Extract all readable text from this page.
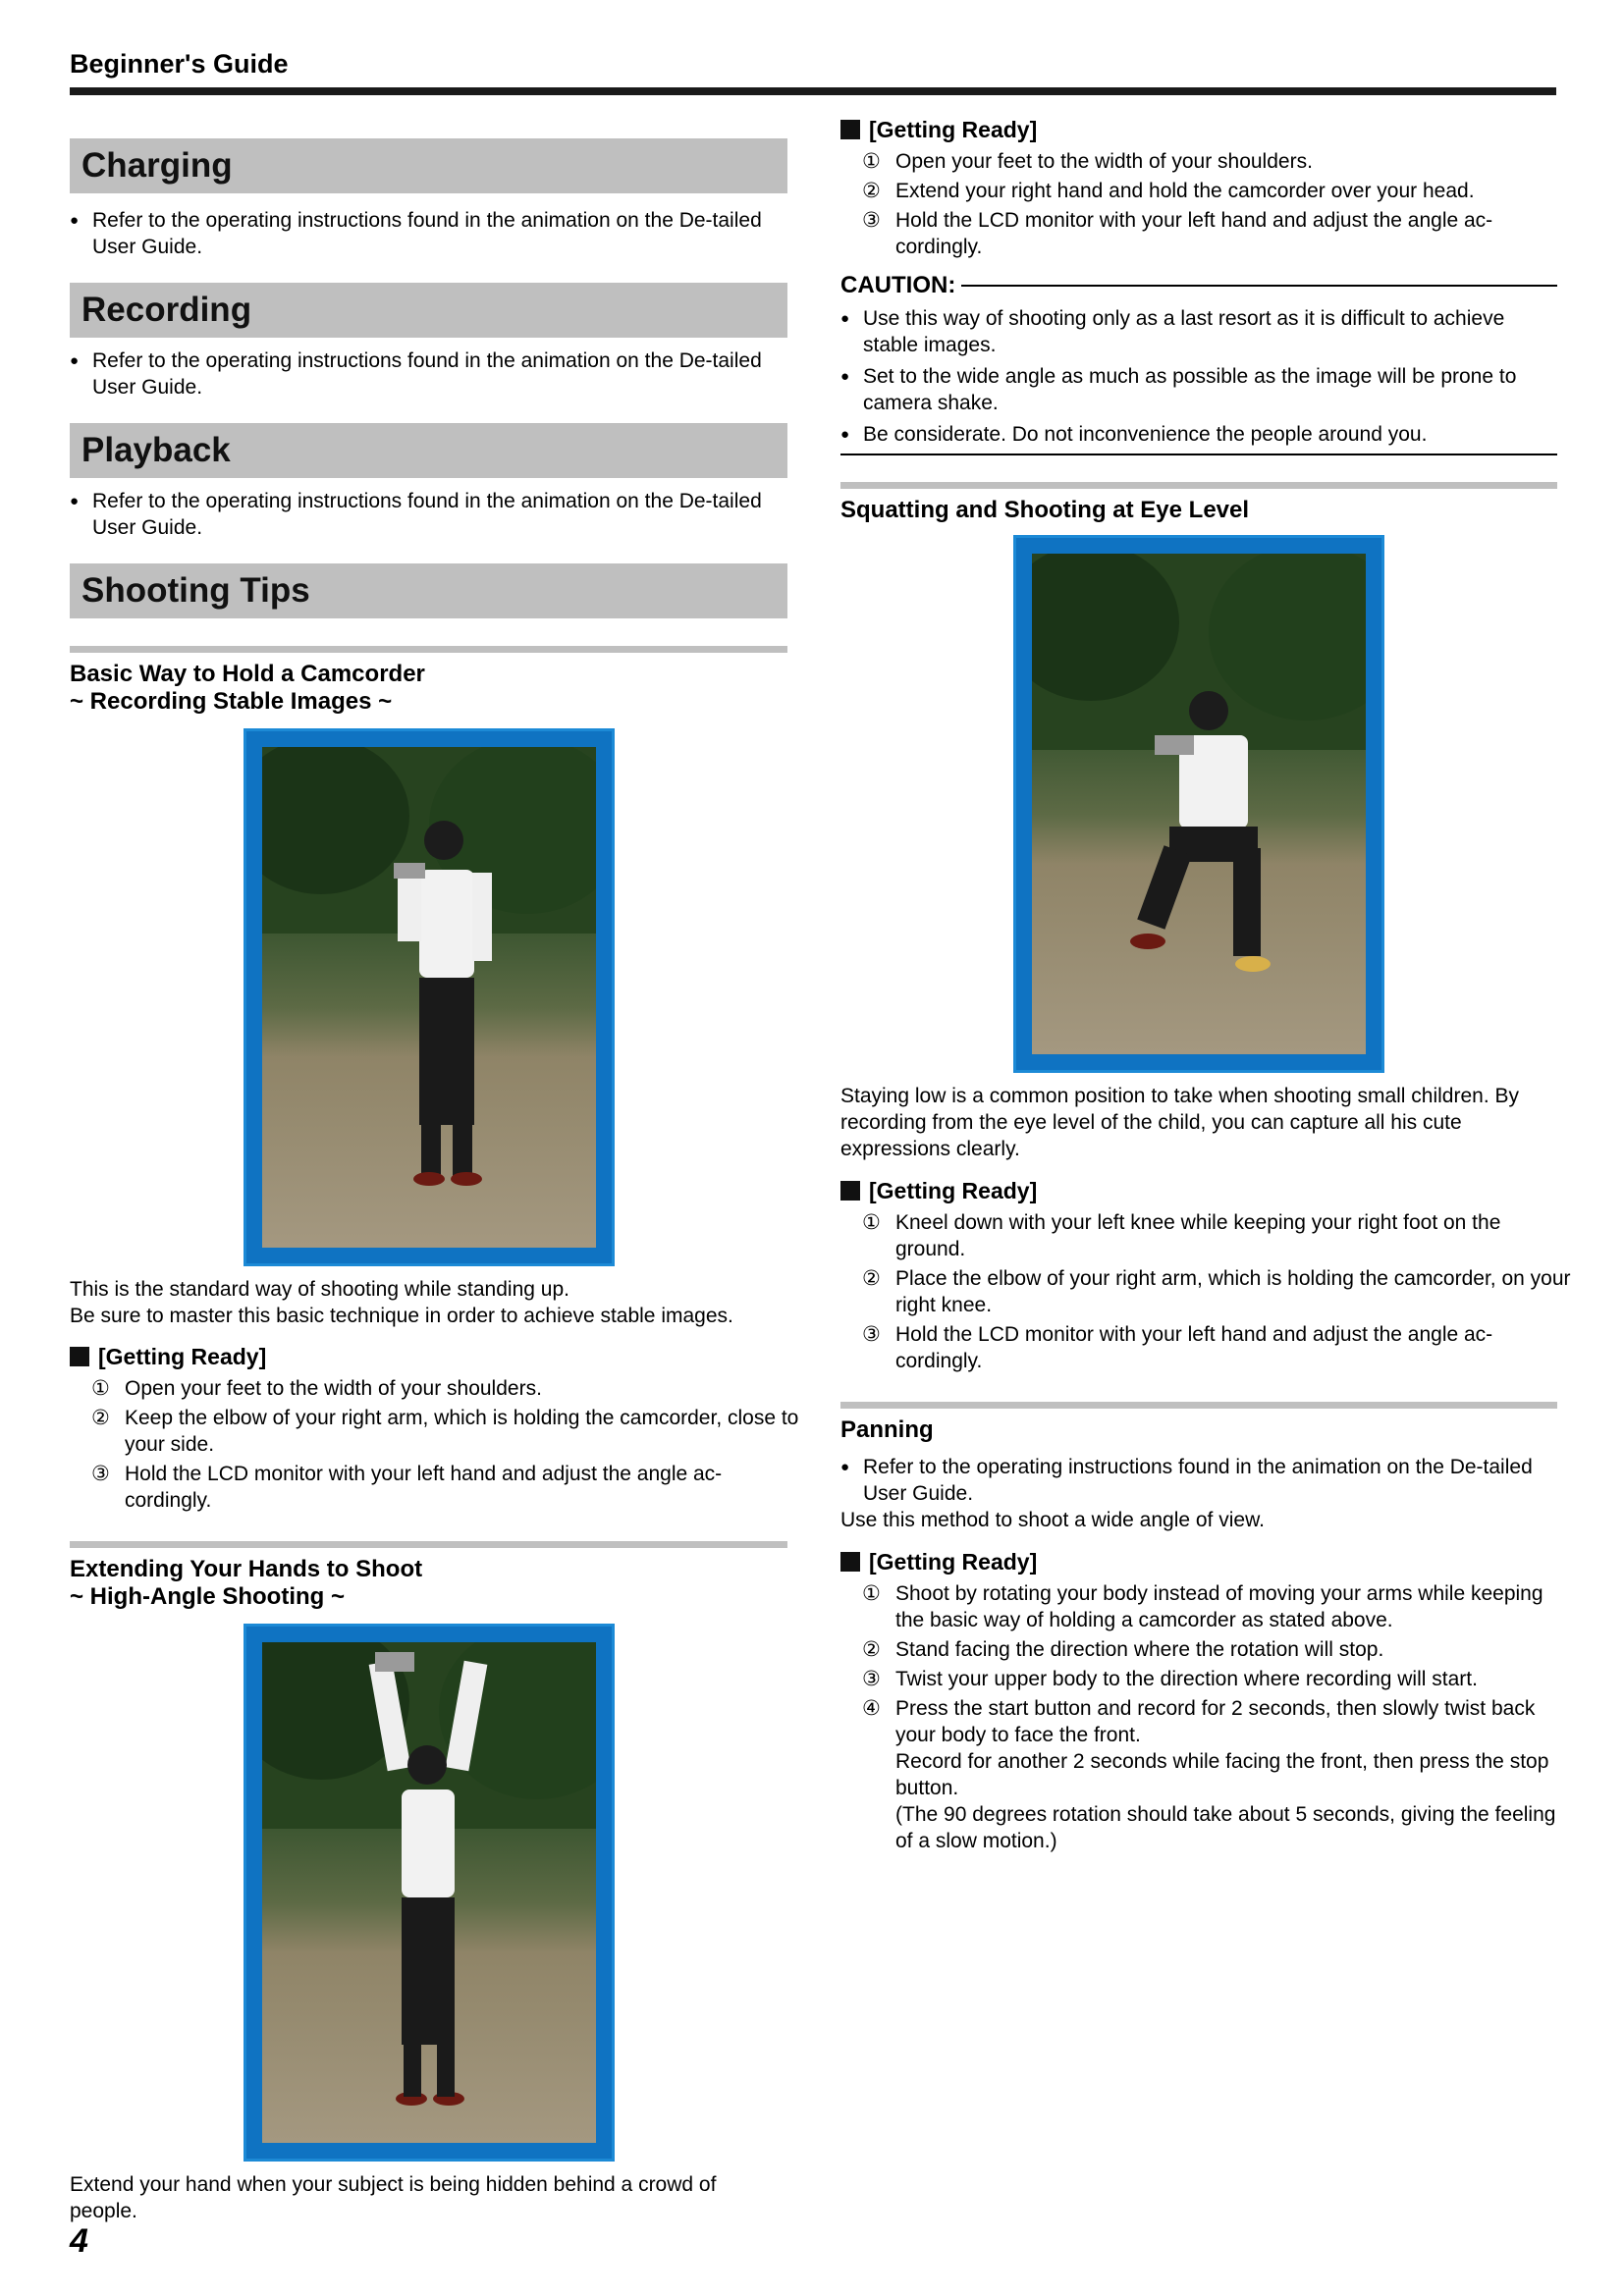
Beginner's Guide
Charging
● Refer to the operating instructions found in the animation on the De-tailed User Guide.
Recording
● Refer to the operating instructions found in the animation on the De-tailed User Guide.
Playback
● Refer to the operating instructions found in the animation on the De-tailed User Guide.
Shooting Tips
Basic Way to Hold a Camcorder
~ Recording Stable Images ~
This is the standard way of shooting while standing up.
Be sure to master this basic technique in order to achieve stable images.
[Getting Ready]
① Open your feet to the width of your shoulders.
② Keep the elbow of your right arm, which is holding the camcorder, close to your side.
③ Hold the LCD monitor with your left hand and adjust the angle ac-cordingly.
Extending Your Hands to Shoot
~ High-Angle Shooting ~
Extend your hand when your subject is being hidden behind a crowd of people.
[Getting Ready]
① Open your feet to the width of your shoulders.
② Extend your right hand and hold the camcorder over your head.
③ Hold the LCD monitor with your left hand and adjust the angle ac-cordingly.
CAUTION:
● Use this way of shooting only as a last resort as it is difficult to achieve stable images.
● Set to the wide angle as much as possible as the image will be prone to camera shake.
● Be considerate. Do not inconvenience the people around you.
Squatting and Shooting at Eye Level
Staying low is a common position to take when shooting small children. By recording from the eye level of the child, you can capture all his cute expressions clearly.
[Getting Ready]
① Kneel down with your left knee while keeping your right foot on the ground.
② Place the elbow of your right arm, which is holding the camcorder, on your right knee.
③ Hold the LCD monitor with your left hand and adjust the angle ac-cordingly.
Panning
● Refer to the operating instructions found in the animation on the De-tailed User Guide.
Use this method to shoot a wide angle of view.
[Getting Ready]
① Shoot by rotating your body instead of moving your arms while keeping the basic way of holding a camcorder as stated above.
② Stand facing the direction where the rotation will stop.
③ Twist your upper body to the direction where recording will start.
④ Press the start button and record for 2 seconds, then slowly twist back your body to face the front.
Record for another 2 seconds while facing the front, then press the stop button.
(The 90 degrees rotation should take about 5 seconds, giving the feeling of a slow motion.)
4
